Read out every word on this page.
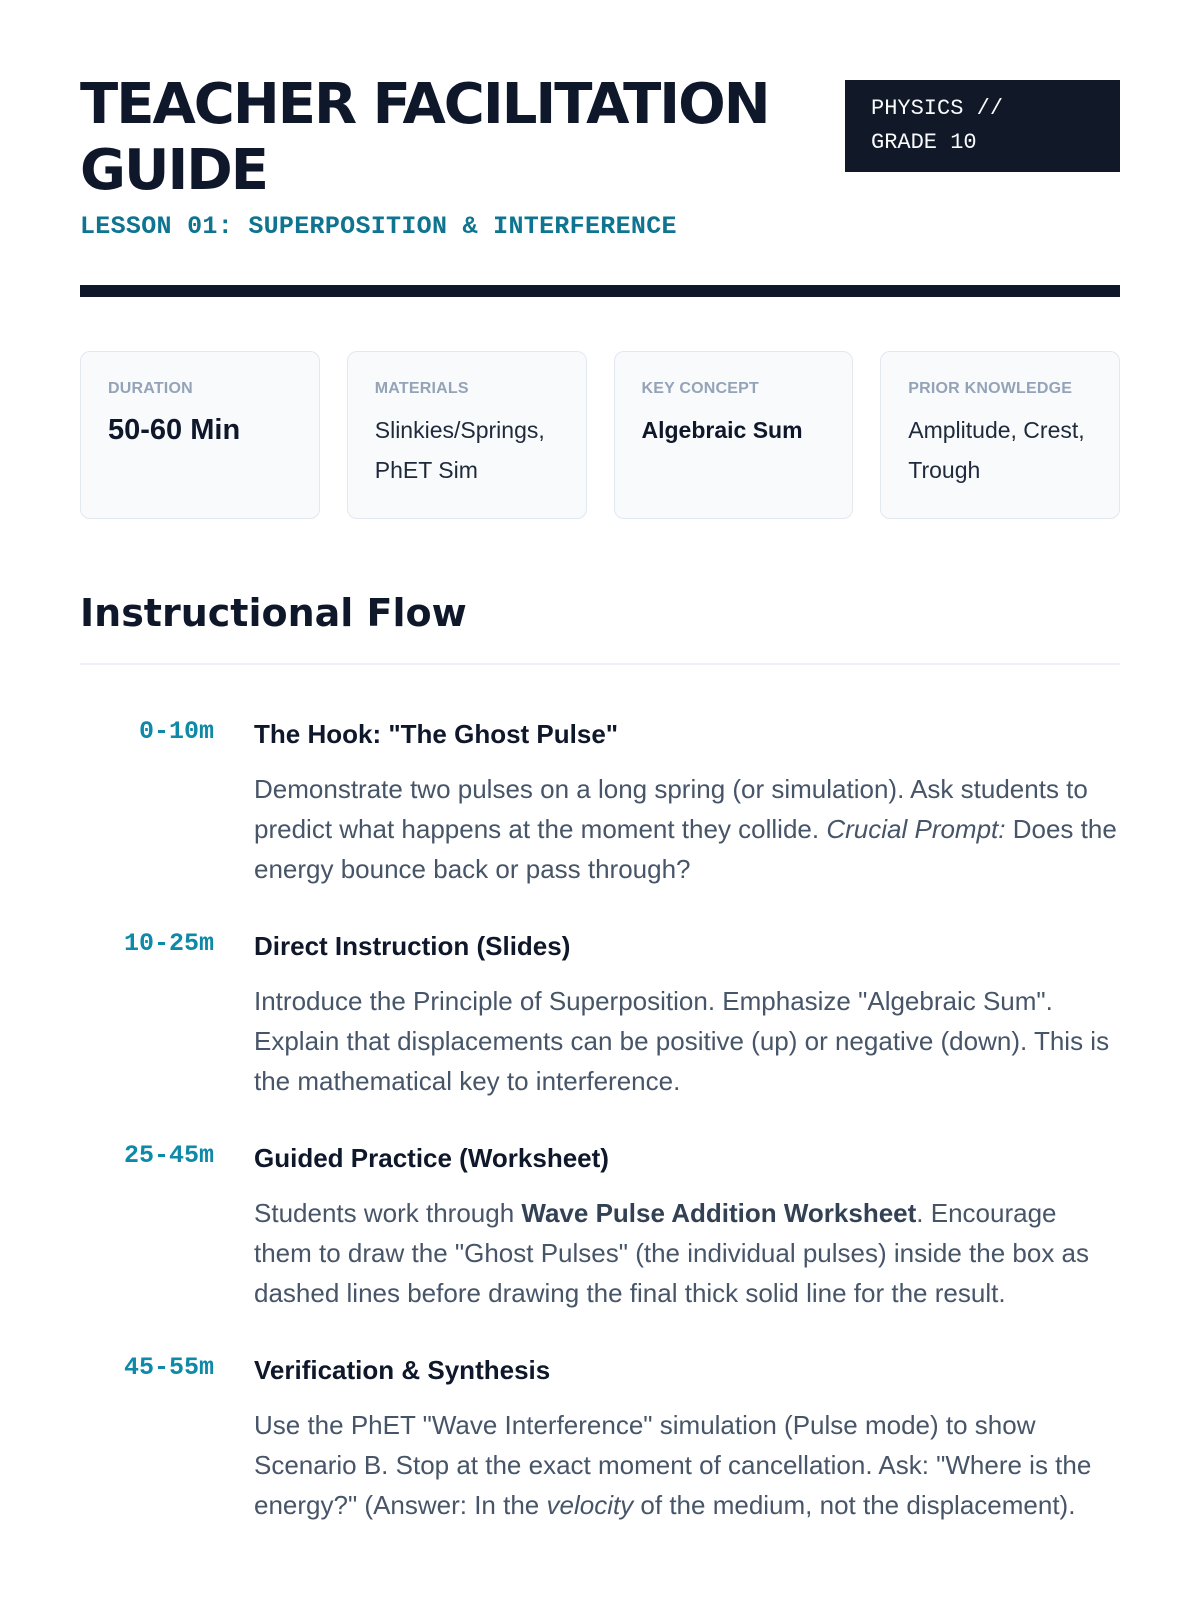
TEACHER FACILITATION
GUIDE
LESSON 01: SUPERPOSITION & INTERFERENCE
PHYSICS //
GRADE 10
DURATION
50-60 Min
MATERIALS
Slinkies/Springs, PhET Sim
KEY CONCEPT
Algebraic Sum
PRIOR KNOWLEDGE
Amplitude, Crest, Trough
Instructional Flow
0-10m The Hook: "The Ghost Pulse"
Demonstrate two pulses on a long spring (or simulation). Ask students to predict what happens at the moment they collide. Crucial Prompt: Does the energy bounce back or pass through?
10-25m Direct Instruction (Slides)
Introduce the Principle of Superposition. Emphasize "Algebraic Sum". Explain that displacements can be positive (up) or negative (down). This is the mathematical key to interference.
25-45m Guided Practice (Worksheet)
Students work through Wave Pulse Addition Worksheet. Encourage them to draw the "Ghost Pulses" (the individual pulses) inside the box as dashed lines before drawing the final thick solid line for the result.
45-55m Verification & Synthesis
Use the PhET "Wave Interference" simulation (Pulse mode) to show Scenario B. Stop at the exact moment of cancellation. Ask: "Where is the energy?" (Answer: In the velocity of the medium, not the displacement).
